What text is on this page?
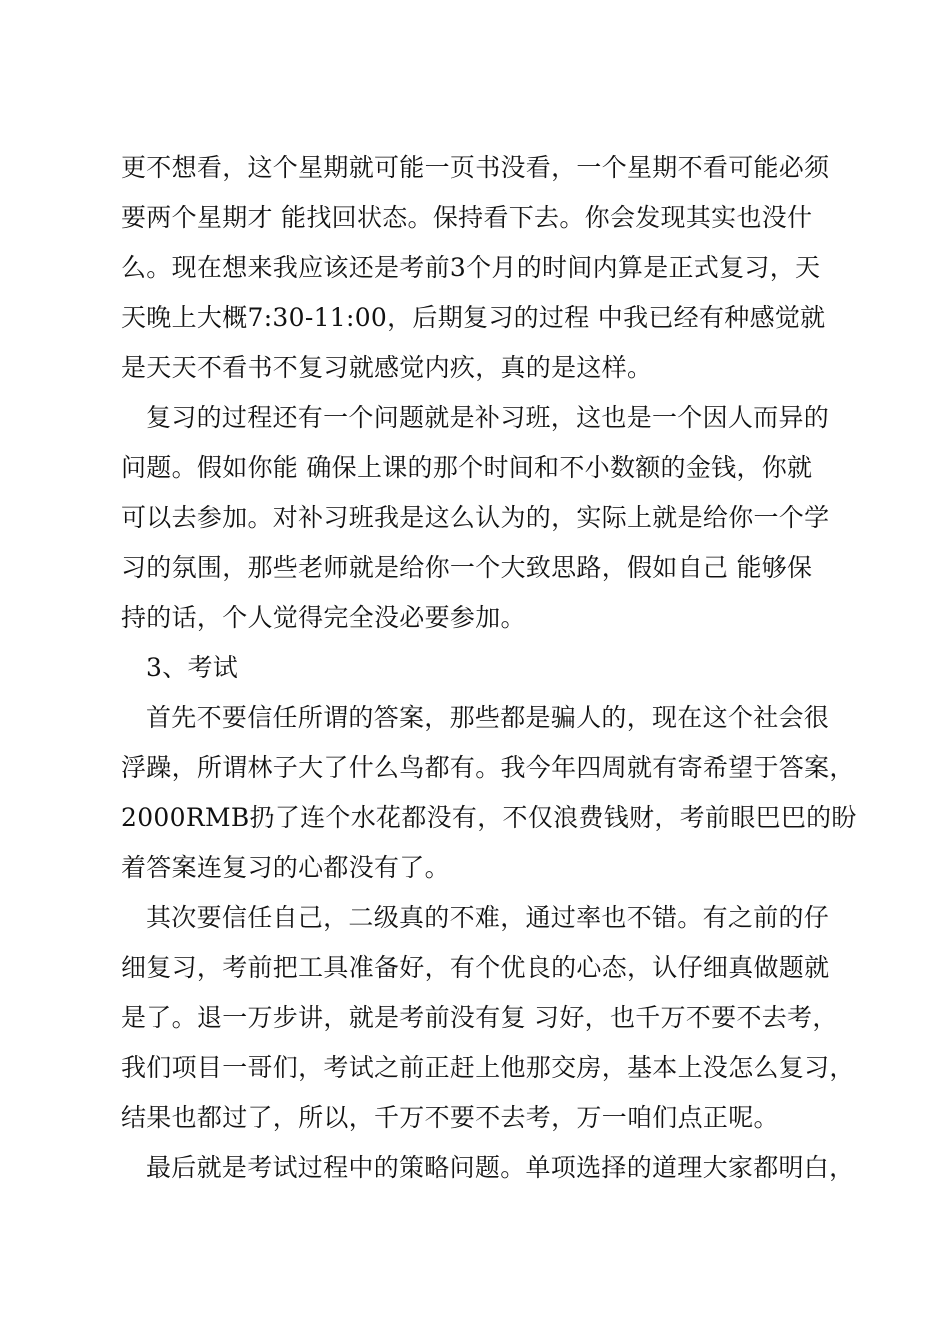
更不想看，这个星期就可能一页书没看，一个星期不看可能必须
要两个星期才 能找回状态。保持看下去。你会发现其实也没什
么。现在想来我应该还是考前3个月的时间内算是正式复习，天
天晚上大概7:30-11:00，后期复习的过程 中我已经有种感觉就
是天天不看书不复习就感觉内疚，真的是这样。
复习的过程还有一个问题就是补习班，这也是一个因人而异的
问题。假如你能 确保上课的那个时间和不小数额的金钱，你就
可以去参加。对补习班我是这么认为的，实际上就是给你一个学
习的氛围，那些老师就是给你一个大致思路，假如自己 能够保
持的话，个人觉得完全没必要参加。
3、考试
首先不要信任所谓的答案，那些都是骗人的，现在这个社会很
浮躁，所谓林子大了什么鸟都有。我今年四周就有寄希望于答案，
2000RMB扔了连个水花都没有，不仅浪费钱财，考前眼巴巴的盼
着答案连复习的心都没有了。
其次要信任自己，二级真的不难，通过率也不错。有之前的仔
细复习，考前把工具准备好，有个优良的心态，认仔细真做题就
是了。退一万步讲，就是考前没有复 习好，也千万不要不去考，
我们项目一哥们，考试之前正赶上他那交房，基本上没怎么复习，
结果也都过了，所以，千万不要不去考，万一咱们点正呢。
最后就是考试过程中的策略问题。单项选择的道理大家都明白，
